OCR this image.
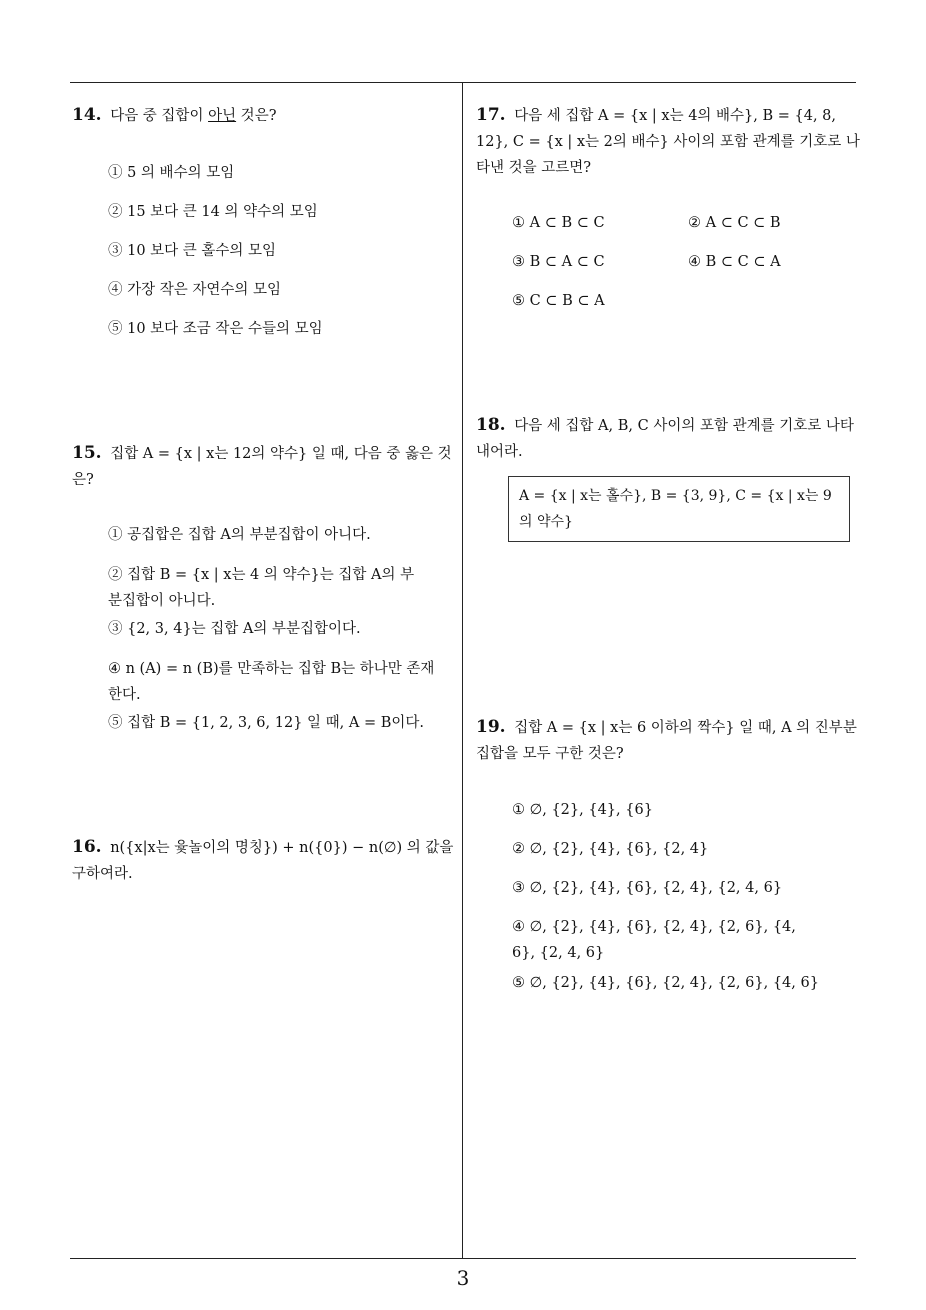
14. 다음 중 집합이 아닌 것은?
① 5 의 배수의 모임
② 15 보다 큰 14 의 약수의 모임
③ 10 보다 큰 홀수의 모임
④ 가장 작은 자연수의 모임
⑤ 10 보다 조금 작은 수들의 모임
15. 집합 A = {x | x는 12의 약수} 일 때, 다음 중 옳은 것은?
① 공집합은 집합 A의 부분집합이 아니다.
② 집합 B = {x | x는 4 의 약수}는 집합 A의 부분집합이 아니다.
③ {2, 3, 4}는 집합 A의 부분집합이다.
④ n (A) = n (B)를 만족하는 집합 B는 하나만 존재한다.
⑤ 집합 B = {1, 2, 3, 6, 12} 일 때, A = B이다.
16. n({x|x는 윷놀이의 명칭}) + n({0}) − n(∅) 의 값을 구하여라.
17. 다음 세 집합 A = {x | x는 4의 배수}, B = {4, 8, 12}, C = {x | x는 2의 배수} 사이의 포함 관계를 기호로 나타낸 것을 고르면?
① A ⊂ B ⊂ C	② A ⊂ C ⊂ B
③ B ⊂ A ⊂ C	④ B ⊂ C ⊂ A
⑤ C ⊂ B ⊂ A
18. 다음 세 집합 A, B, C 사이의 포함 관계를 기호로 나타내어라.
A = {x | x는 홀수}, B = {3, 9}, C = {x | x는 9의 약수}
19. 집합 A = {x | x는 6 이하의 짝수} 일 때, A 의 진부분집합을 모두 구한 것은?
① ∅, {2}, {4}, {6}
② ∅, {2}, {4}, {6}, {2, 4}
③ ∅, {2}, {4}, {6}, {2, 4}, {2, 4, 6}
④ ∅, {2}, {4}, {6}, {2, 4}, {2, 6}, {4, 6}, {2, 4, 6}
⑤ ∅, {2}, {4}, {6}, {2, 4}, {2, 6}, {4, 6}
3
